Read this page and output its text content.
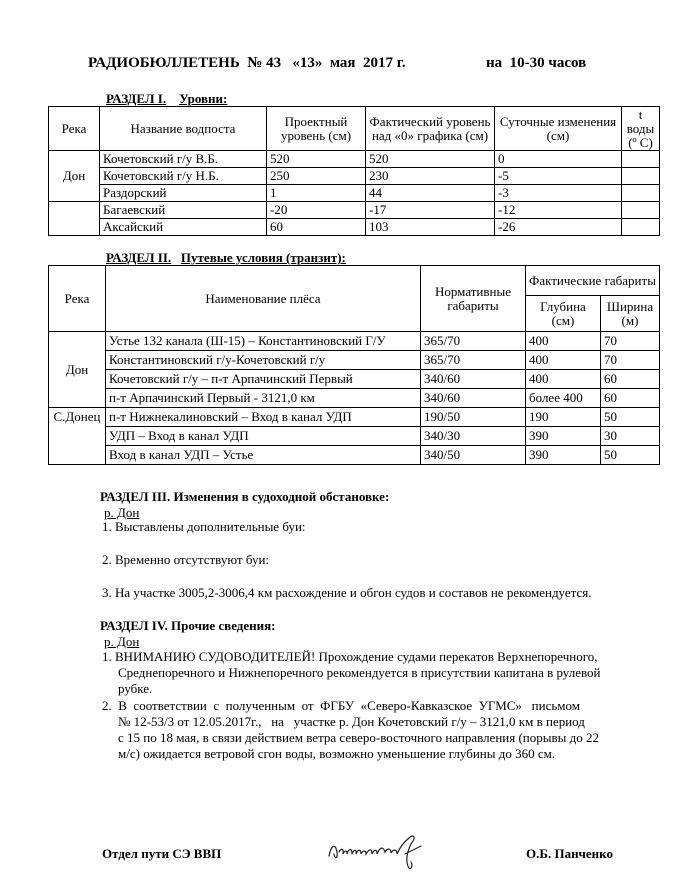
РАДИОБЮЛЛЕТЕНЬ  № 43   «13»  мая  2017 г.	на  10-30 часов
РАЗДЕЛ I. Уровни:
Река	Название водпоста	Проектный уровень (см)	Фактический уровень над «0» графика (см)	Суточные изменения (см)	t воды (º C)
Дон	Кочетовский г/у В.Б.	520	520	0	
	Кочетовский г/у Н.Б.	250	230	-5	
	Раздорский	1	44	-3	
	Багаевский	-20	-17	-12	
	Аксайский	60	103	-26	
РАЗДЕЛ II. Путевые условия (транзит):
Река	Наименование плёса	Нормативные габариты	Фактические габариты	
			Глубина (см)	Ширина (м)
Дон	Устье 132 канала (Ш-15) – Константиновский Г/У	365/70	400	70
	Константиновский г/у-Кочетовский г/у	365/70	400	70
	Кочетовский г/у – п-т Арпачинский Первый	340/60	400	60
	п-т Арпачинский Первый - 3121,0 км	340/60	более 400	60
С.Донец	п-т Нижнекалиновский – Вход в канал УДП	190/50	190	50
	УДП – Вход в канал УДП	340/30	390	30
	Вход в канал УДП – Устье	340/50	390	50
РАЗДЕЛ III. Изменения в судоходной обстановке:
р. Дон
1. Выставлены дополнительные буи:
2. Временно отсутствуют буи:
3. На участке 3005,2-3006,4 км расхождение и обгон судов и составов не рекомендуется.
РАЗДЕЛ IV. Прочие сведения:
р. Дон
1. ВНИМАНИЮ СУДОВОДИТЕЛЕЙ! Прохождение судами перекатов Верхнепоречного,
Среднепоречного и Нижнепоречного рекомендуется в присутствии капитана в рулевой
рубке.
2.  В  соответствии  с  полученным  от  ФГБУ  «Северо-Кавказское  УГМС»   письмом
№ 12-53/3 от 12.05.2017г.,   на   участке р. Дон Кочетовский г/у – 3121,0 км в период
с 15 по 18 мая, в связи действием ветра северо-восточного направления (порывы до 22
м/с) ожидается ветровой сгон воды, возможно уменьшение глубины до 360 см.
Отдел пути СЭ ВВП	О.Б. Панченко
